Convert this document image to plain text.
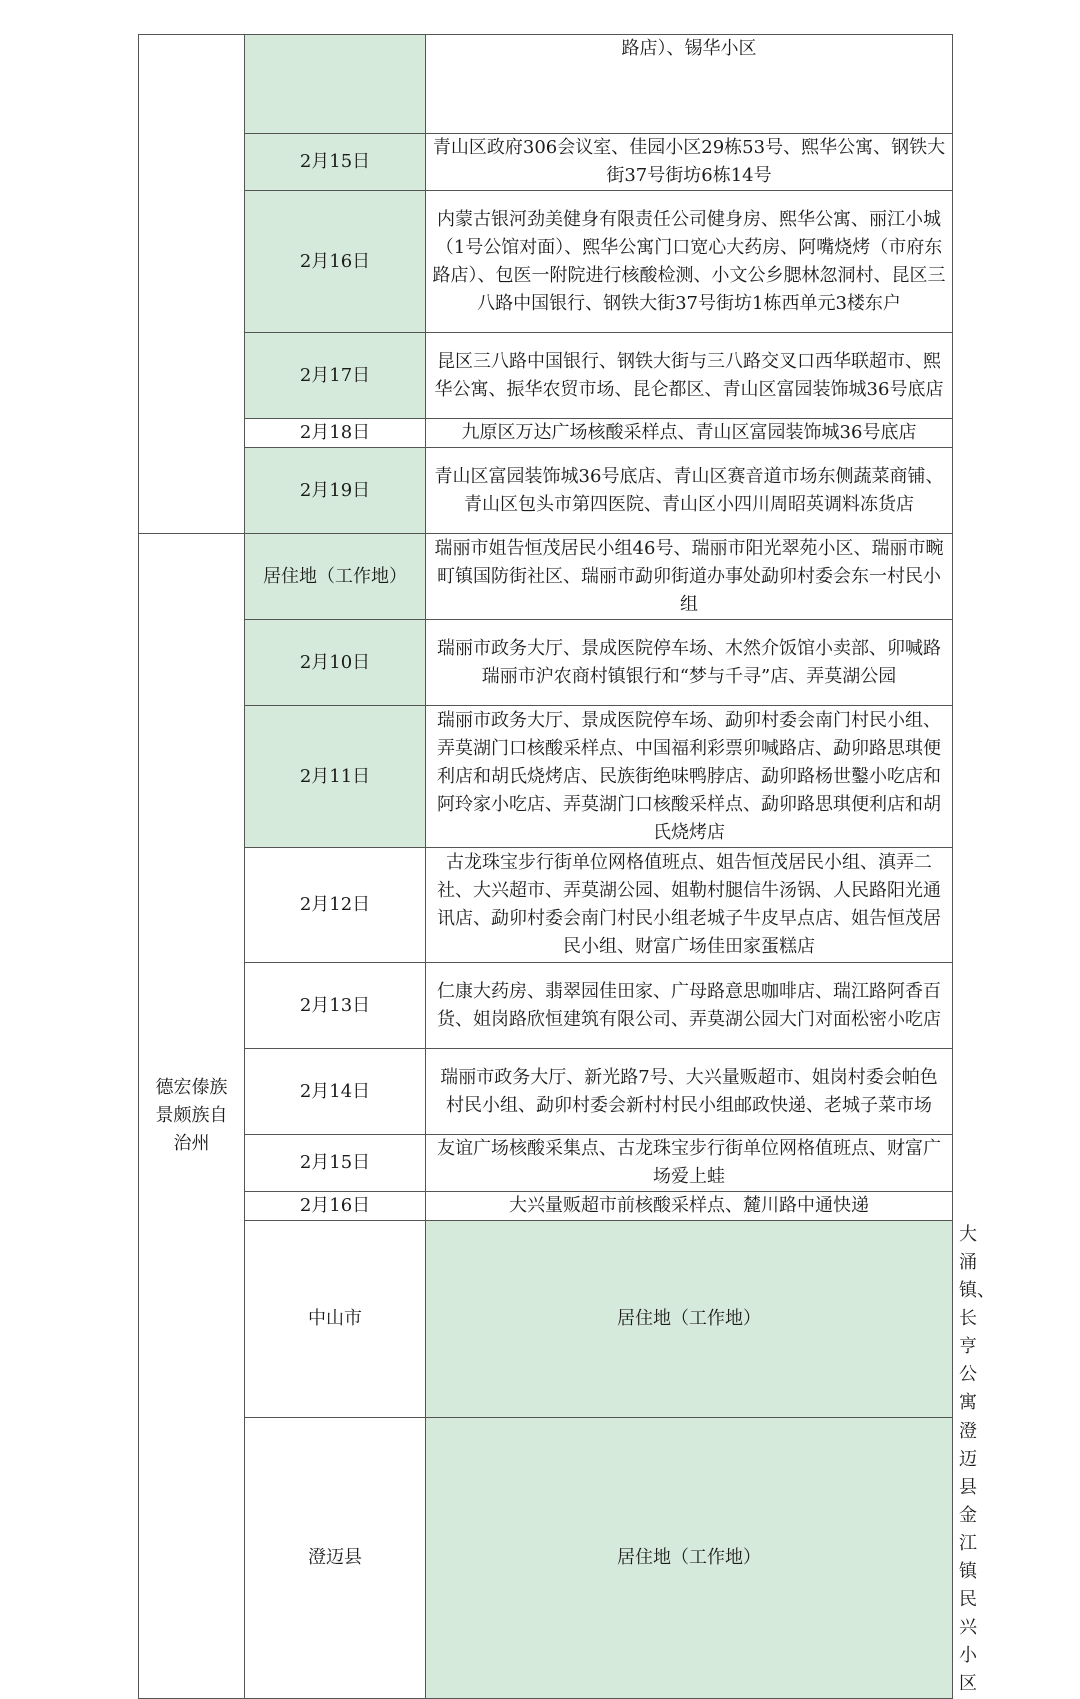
		路店）、锡华小区	
	2月15日	青山区政府306会议室、佳园小区29栋53号、熙华公寓、钢铁大街37号街坊6栋14号	
	2月16日	内蒙古银河劲美健身有限责任公司健身房、熙华公寓、丽江小城（1号公馆对面）、熙华公寓门口宽心大药房、阿嘴烧烤（市府东路店）、包医一附院进行核酸检测、小文公乡腮林忽洞村、昆区三八路中国银行、钢铁大街37号街坊1栋西单元3楼东户	
	2月17日	昆区三八路中国银行、钢铁大街与三八路交叉口西华联超市、熙华公寓、振华农贸市场、昆仑都区、青山区富园装饰城36号底店	
	2月18日	九原区万达广场核酸采样点、青山区富园装饰城36号底店	
	2月19日	青山区富园装饰城36号底店、青山区赛音道市场东侧蔬菜商铺、青山区包头市第四医院、青山区小四川周昭英调料冻货店	
德宏傣族景颇族自治州	居住地（工作地）	瑞丽市姐告恒茂居民小组46号、瑞丽市阳光翠苑小区、瑞丽市畹町镇国防街社区、瑞丽市勐卯街道办事处勐卯村委会东一村民小组	
	2月10日	瑞丽市政务大厅、景成医院停车场、木然介饭馆小卖部、卯喊路瑞丽市沪农商村镇银行和“梦与千寻”店、弄莫湖公园	
	2月11日	瑞丽市政务大厅、景成医院停车场、勐卯村委会南门村民小组、弄莫湖门口核酸采样点、中国福利彩票卯喊路店、勐卯路思琪便利店和胡氏烧烤店、民族街绝味鸭脖店、勐卯路杨世鑿小吃店和阿玲家小吃店、弄莫湖门口核酸采样点、勐卯路思琪便利店和胡氏烧烤店	
	2月12日	古龙珠宝步行街单位网格值班点、姐告恒茂居民小组、滇弄二社、大兴超市、弄莫湖公园、姐勒村腿信牛汤锅、人民路阳光通讯店、勐卯村委会南门村民小组老城子牛皮早点店、姐告恒茂居民小组、财富广场佳田家蛋糕店	
	2月13日	仁康大药房、翡翠园佳田家、广母路意思咖啡店、瑞江路阿香百货、姐岗路欣恒建筑有限公司、弄莫湖公园大门对面松密小吃店	
	2月14日	瑞丽市政务大厅、新光路7号、大兴量贩超市、姐岗村委会帕色村民小组、勐卯村委会新村村民小组邮政快递、老城子菜市场	
	2月15日	友谊广场核酸采集点、古龙珠宝步行街单位网格值班点、财富广场爱上蛙	
	2月16日	大兴量贩超市前核酸采样点、麓川路中通快递	
	中山市	居住地（工作地）	大涌镇、长亨公寓
	澄迈县	居住地（工作地）	澄迈县金江镇民兴小区
